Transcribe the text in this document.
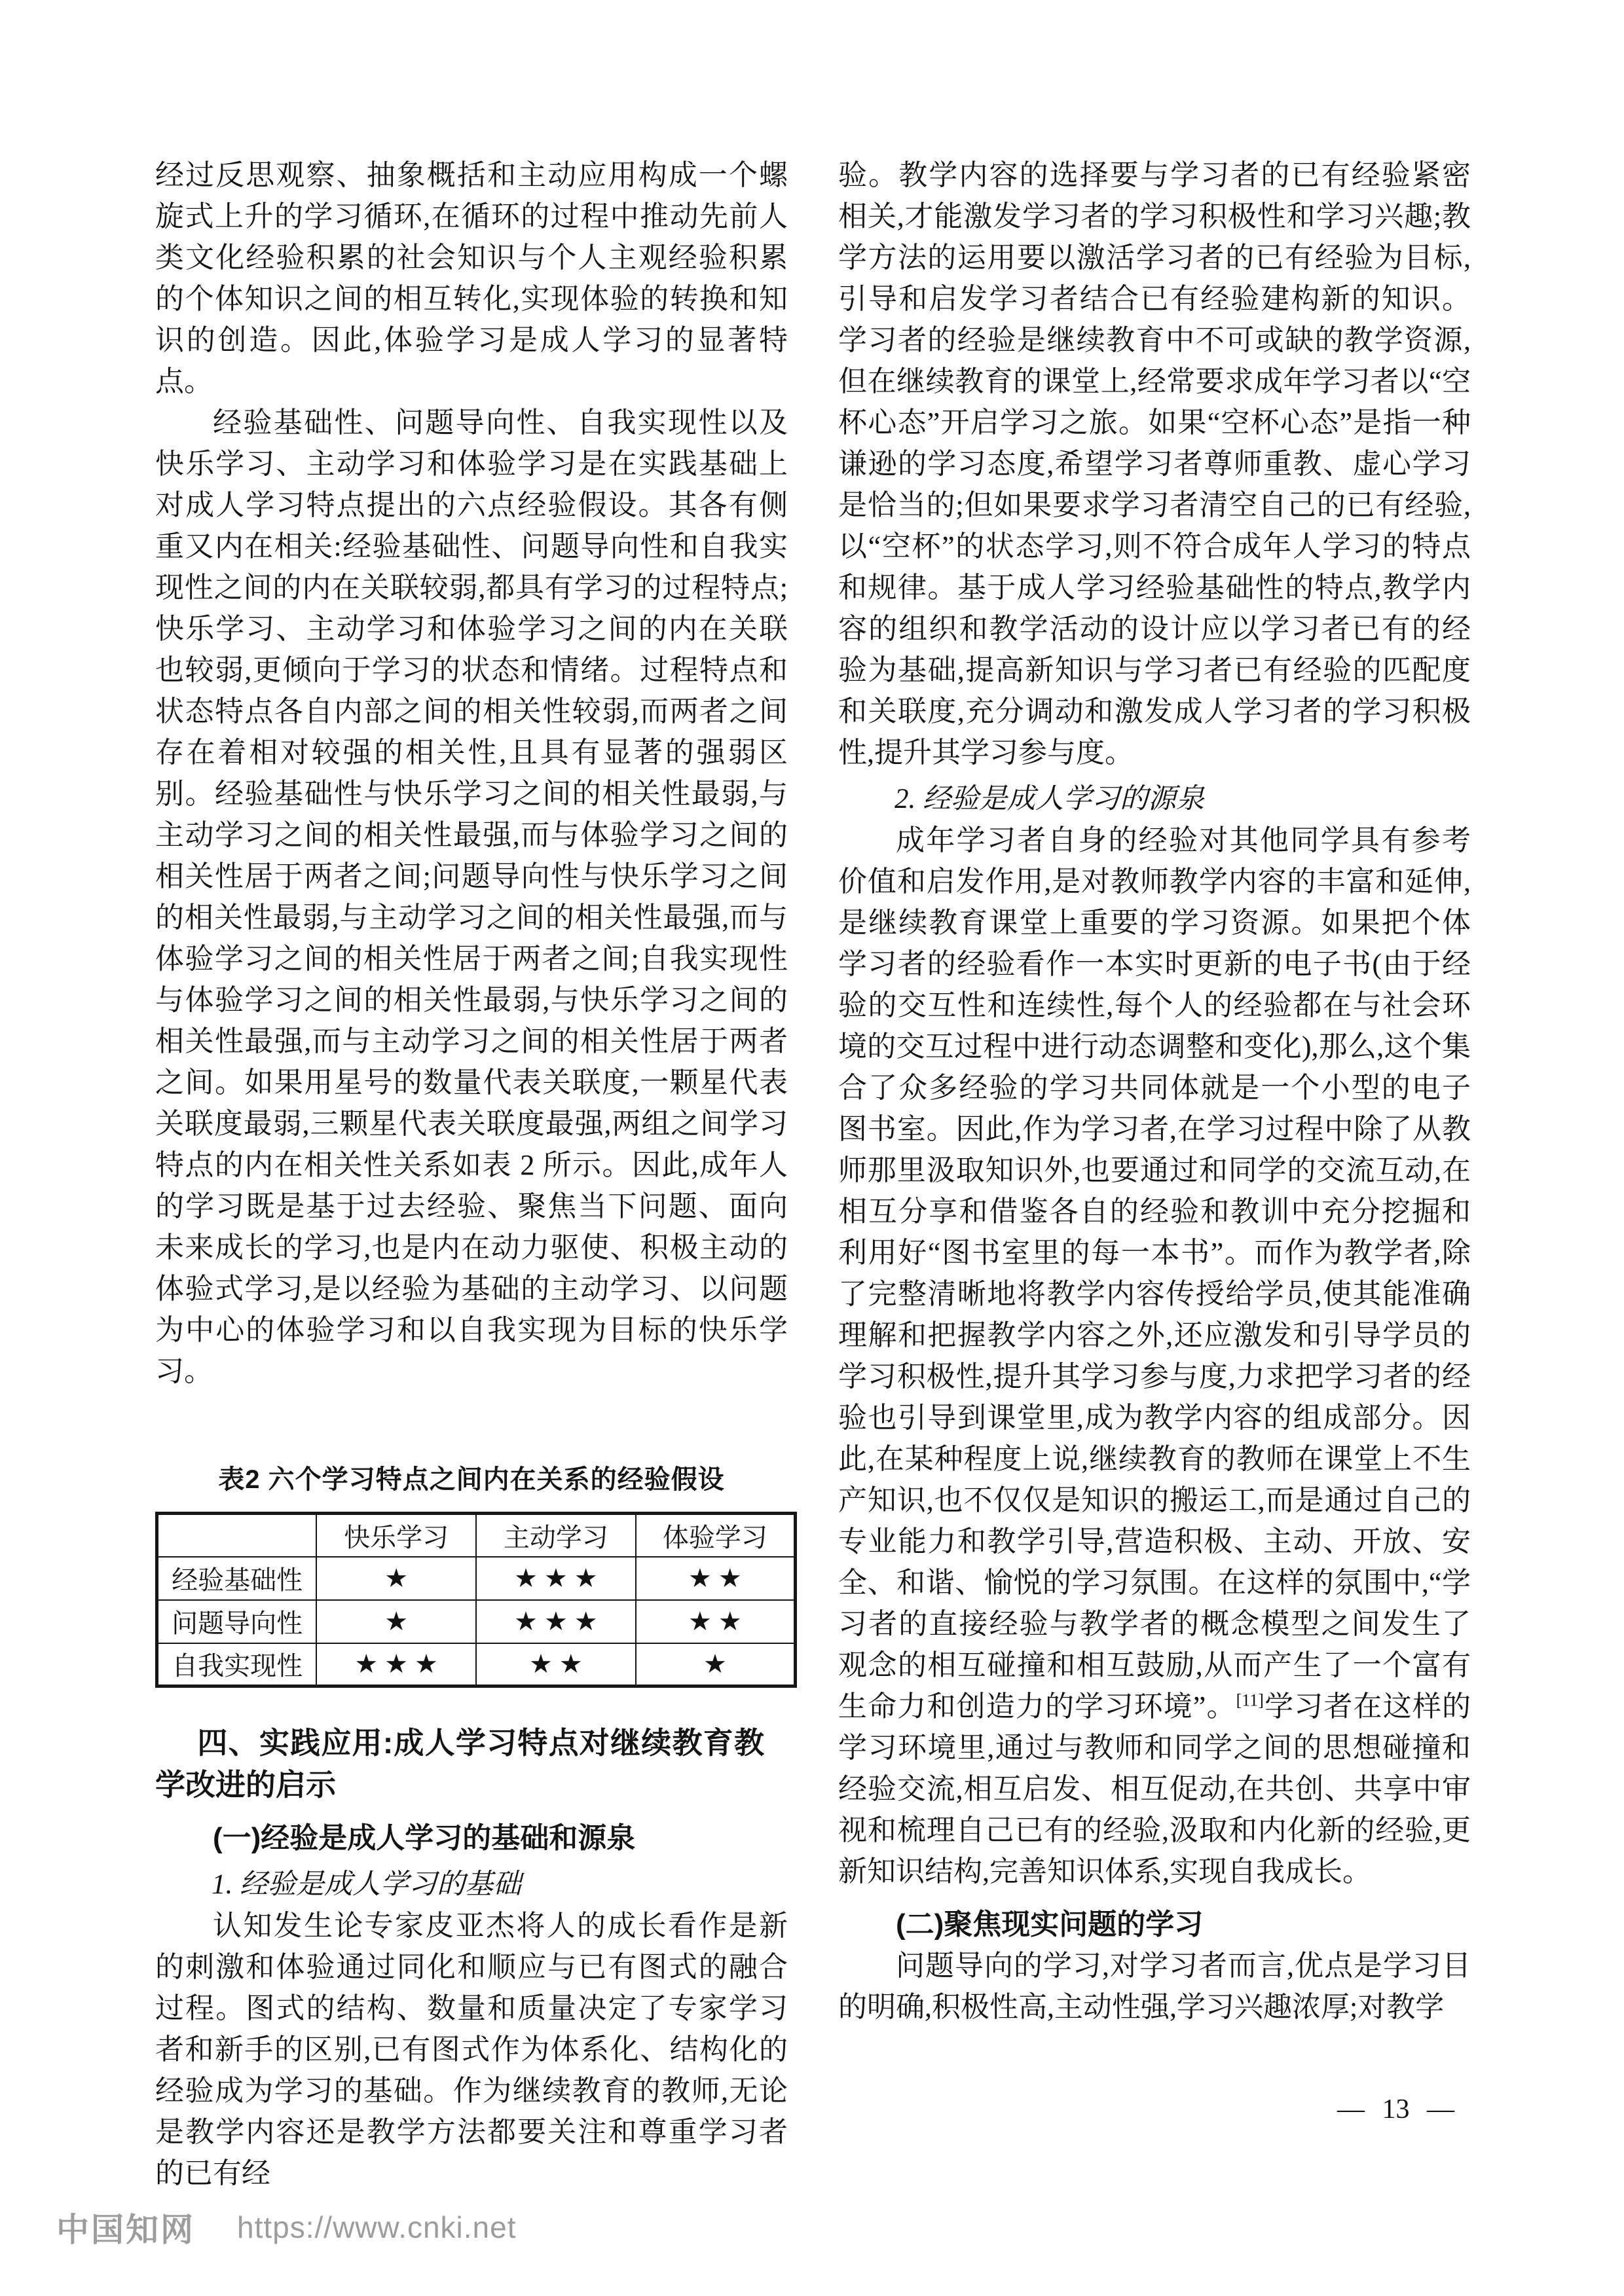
经过反思观察、抽象概括和主动应用构成一个螺旋式上升的学习循环,在循环的过程中推动先前人类文化经验积累的社会知识与个人主观经验积累的个体知识之间的相互转化,实现体验的转换和知识的创造。因此,体验学习是成人学习的显著特点。

经验基础性、问题导向性、自我实现性以及快乐学习、主动学习和体验学习是在实践基础上对成人学习特点提出的六点经验假设。其各有侧重又内在相关:经验基础性、问题导向性和自我实现性之间的内在关联较弱,都具有学习的过程特点;快乐学习、主动学习和体验学习之间的内在关联也较弱,更倾向于学习的状态和情绪。过程特点和状态特点各自内部之间的相关性较弱,而两者之间存在着相对较强的相关性,且具有显著的强弱区别。经验基础性与快乐学习之间的相关性最弱,与主动学习之间的相关性最强,而与体验学习之间的相关性居于两者之间;问题导向性与快乐学习之间的相关性最弱,与主动学习之间的相关性最强,而与体验学习之间的相关性居于两者之间;自我实现性与体验学习之间的相关性最弱,与快乐学习之间的相关性最强,而与主动学习之间的相关性居于两者之间。如果用星号的数量代表关联度,一颗星代表关联度最弱,三颗星代表关联度最强,两组之间学习特点的内在相关性关系如表 2 所示。因此,成年人的学习既是基于过去经验、聚焦当下问题、面向未来成长的学习,也是内在动力驱使、积极主动的体验式学习,是以经验为基础的主动学习、以问题为中心的体验学习和以自我实现为目标的快乐学习。

表2 六个学习特点之间内在关系的经验假设
	快乐学习	主动学习	体验学习
经验基础性	★	★★★	★★
问题导向性	★	★★★	★★
自我实现性	★★★	★★	★
四、实践应用:成人学习特点对继续教育教学改进的启示
(一)经验是成人学习的基础和源泉
1. 经验是成人学习的基础

认知发生论专家皮亚杰将人的成长看作是新的刺激和体验通过同化和顺应与已有图式的融合过程。图式的结构、数量和质量决定了专家学习者和新手的区别,已有图式作为体系化、结构化的经验成为学习的基础。作为继续教育的教师,无论是教学内容还是教学方法都要关注和尊重学习者的已有经

验。教学内容的选择要与学习者的已有经验紧密相关,才能激发学习者的学习积极性和学习兴趣;教学方法的运用要以激活学习者的已有经验为目标,引导和启发学习者结合已有经验建构新的知识。学习者的经验是继续教育中不可或缺的教学资源,但在继续教育的课堂上,经常要求成年学习者以“空杯心态”开启学习之旅。如果“空杯心态”是指一种谦逊的学习态度,希望学习者尊师重教、虚心学习是恰当的;但如果要求学习者清空自己的已有经验,以“空杯”的状态学习,则不符合成年人学习的特点和规律。基于成人学习经验基础性的特点,教学内容的组织和教学活动的设计应以学习者已有的经验为基础,提高新知识与学习者已有经验的匹配度和关联度,充分调动和激发成人学习者的学习积极性,提升其学习参与度。

2. 经验是成人学习的源泉

成年学习者自身的经验对其他同学具有参考价值和启发作用,是对教师教学内容的丰富和延伸,是继续教育课堂上重要的学习资源。如果把个体学习者的经验看作一本实时更新的电子书(由于经验的交互性和连续性,每个人的经验都在与社会环境的交互过程中进行动态调整和变化),那么,这个集合了众多经验的学习共同体就是一个小型的电子图书室。因此,作为学习者,在学习过程中除了从教师那里汲取知识外,也要通过和同学的交流互动,在相互分享和借鉴各自的经验和教训中充分挖掘和利用好“图书室里的每一本书”。而作为教学者,除了完整清晰地将教学内容传授给学员,使其能准确理解和把握教学内容之外,还应激发和引导学员的学习积极性,提升其学习参与度,力求把学习者的经验也引导到课堂里,成为教学内容的组成部分。因此,在某种程度上说,继续教育的教师在课堂上不生产知识,也不仅仅是知识的搬运工,而是通过自己的专业能力和教学引导,营造积极、主动、开放、安全、和谐、愉悦的学习氛围。在这样的氛围中,“学习者的直接经验与教学者的概念模型之间发生了观念的相互碰撞和相互鼓励,从而产生了一个富有生命力和创造力的学习环境”。[11]学习者在这样的学习环境里,通过与教师和同学之间的思想碰撞和经验交流,相互启发、相互促动,在共创、共享中审视和梳理自己已有的经验,汲取和内化新的经验,更新知识结构,完善知识体系,实现自我成长。

(二)聚焦现实问题的学习

问题导向的学习,对学习者而言,优点是学习目的明确,积极性高,主动性强,学习兴趣浓厚;对教学

— 13 —
中国知网 https://www.cnki.net
